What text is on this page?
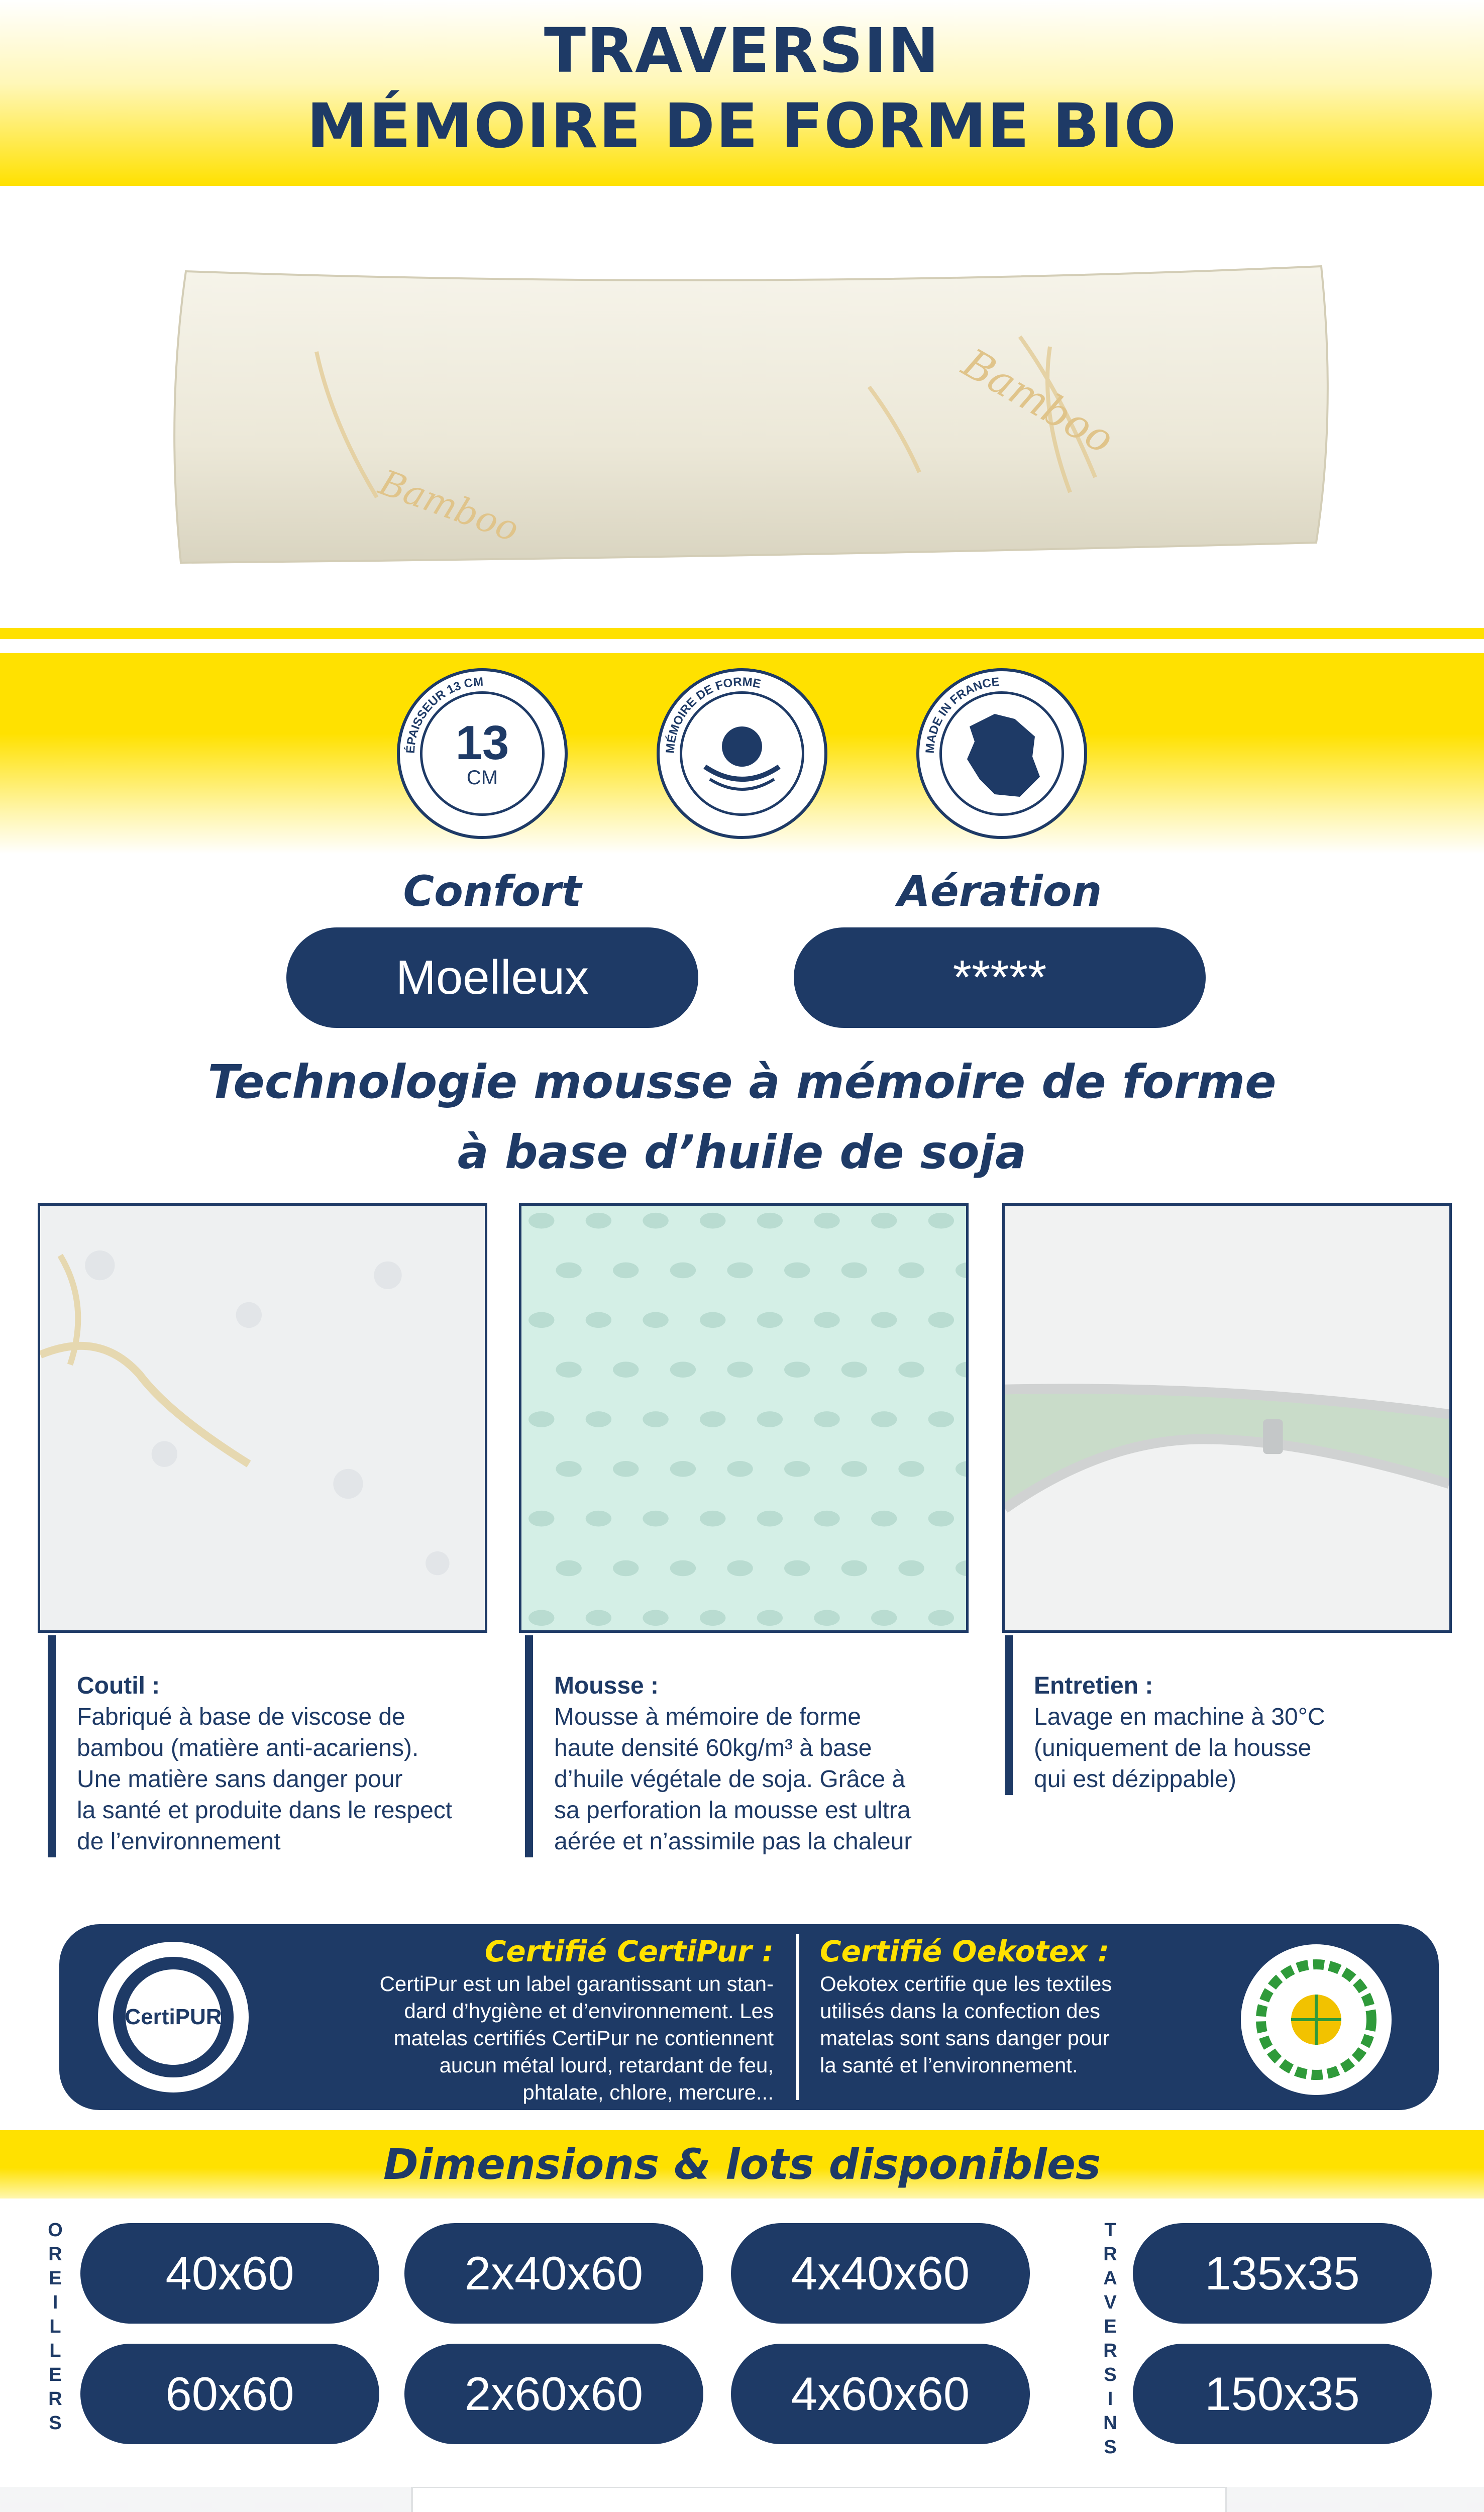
TRAVERSIN
MÉMOIRE DE FORME BIO
Bamboo
Bamboo
ÉPAISSEUR 13 CM
13
CM
MÉMOIRE DE FORME
MADE IN FRANCE
Confort	Aération
Moelleux	*****
Technologie mousse à mémoire de forme
à base d’huile de soja
Coutil :
Fabriqué à base de viscose de
bambou (matière anti-acariens).
Une matière sans danger pour
la santé et produite dans le respect
de l’environnement
Mousse :
Mousse à mémoire de forme
haute densité 60kg/m³ à base
d’huile végétale de soja. Grâce à
sa perforation la mousse est ultra
aérée et n’assimile pas la chaleur
Entretien :
Lavage en machine à 30°C
(uniquement de la housse
qui est dézippable)
CertiPUR
Certifié CertiPur :
CertiPur est un label garantissant un stan-
dard d’hygiène et d’environnement. Les
matelas certifiés CertiPur ne contiennent
aucun métal lourd, retardant de feu,
phtalate, chlore, mercure...
Certifié Oekotex :
Oekotex certifie que les textiles
utilisés dans la confection des
matelas sont sans danger pour
la santé et l’environnement.
Dimensions & lots disponibles
O
R
E
I
L
L
E
R
S
T
R
A
V
E
R
S
I
N
S
40x60	2x40x60	4x40x60
60x60	2x60x60	4x60x60
135x35
150x35
